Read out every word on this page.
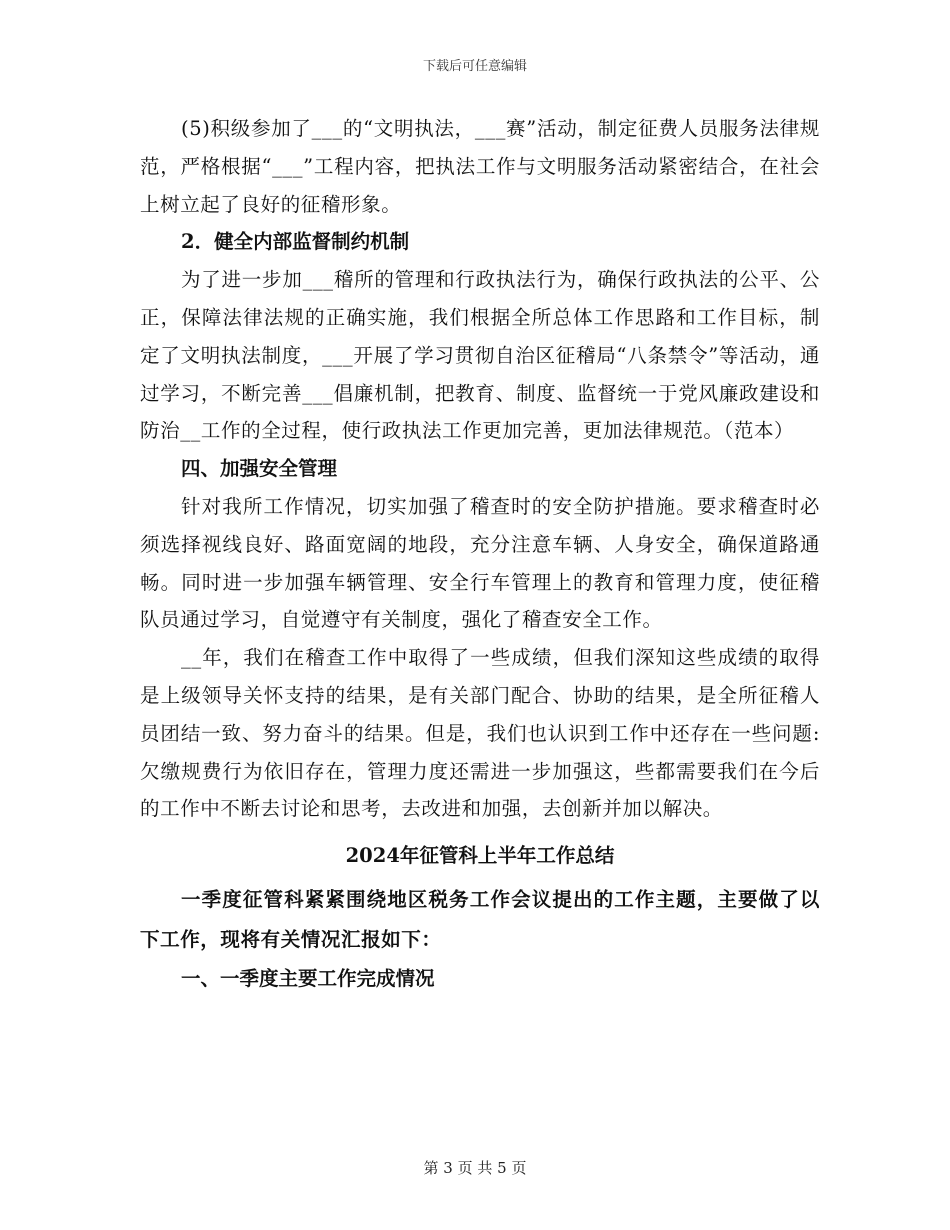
下载后可任意编辑

(5)积级参加了___的“文明执法，___赛”活动，制定征费人员服务法律规范，严格根据“___”工程内容，把执法工作与文明服务活动紧密结合，在社会上树立起了良好的征稽形象。

2．健全内部监督制约机制

为了进一步加___稽所的管理和行政执法行为，确保行政执法的公平、公正，保障法律法规的正确实施，我们根据全所总体工作思路和工作目标，制定了文明执法制度，___开展了学习贯彻自治区征稽局“八条禁令”等活动，通过学习，不断完善___倡廉机制，把教育、制度、监督统一于党风廉政建设和防治__工作的全过程，使行政执法工作更加完善，更加法律规范。（范本）

四、加强安全管理

针对我所工作情况，切实加强了稽查时的安全防护措施。要求稽查时必须选择视线良好、路面宽阔的地段，充分注意车辆、人身安全，确保道路通畅。同时进一步加强车辆管理、安全行车管理上的教育和管理力度，使征稽队员通过学习，自觉遵守有关制度，强化了稽查安全工作。

__年，我们在稽查工作中取得了一些成绩，但我们深知这些成绩的取得是上级领导关怀支持的结果，是有关部门配合、协助的结果，是全所征稽人员团结一致、努力奋斗的结果。但是，我们也认识到工作中还存在一些问题:欠缴规费行为依旧存在，管理力度还需进一步加强这，些都需要我们在今后的工作中不断去讨论和思考，去改进和加强，去创新并加以解决。

2024年征管科上半年工作总结

一季度征管科紧紧围绕地区税务工作会议提出的工作主题，主要做了以下工作，现将有关情况汇报如下：

一、一季度主要工作完成情况

第 3 页 共 5 页
